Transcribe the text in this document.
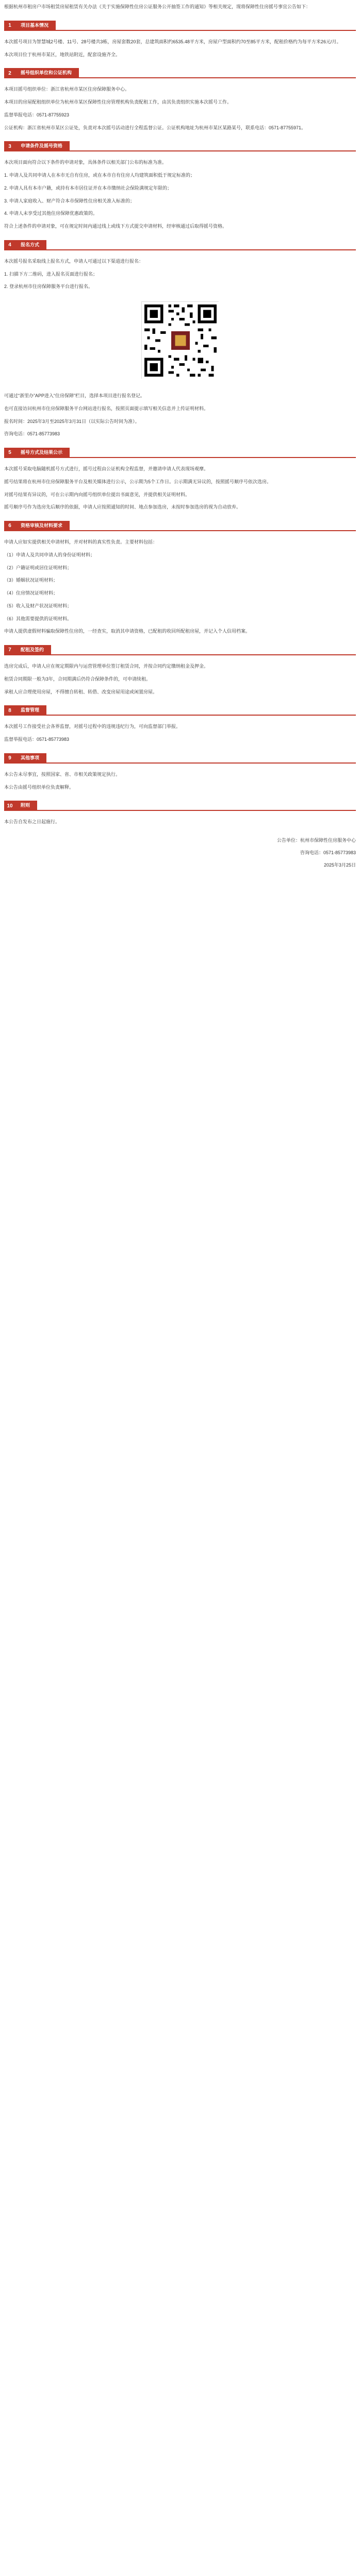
根据杭州市租房户市场租赁房屋租赁有关办法《关于实施保障性住房公证服务公开抽签工作的通知》等相关规定，现将保障性住房摇号事宜公告如下：

1	项目基本情况

本次摇号项目为智慧城2号楼、11号、28号楼共3栋，房屋套数20套，总建筑面积约6535.48平方米，房屋户型面积约70至85平方米，配租价格约为每平方米26元/月。

本次项目位于杭州市某区，地铁站附近，配套设施齐全。

2	摇号组织单位和公证机构

本项目摇号组织单位：浙江省杭州市某区住房保障服务中心。

本项目的房屋配租组织单位为杭州市某区保障性住房管理机构负责配租工作，由其负责组织实施本次摇号工作。

监督举报电话：0571-87755923

公证机构：浙江省杭州市某区公证处，负责对本次摇号活动进行全程监督公证。公证机构地址为杭州市某区某路某号，联系电话：0571-87755971。

3	申请条件及摇号资格

本次项目面向符合以下条件的申请对象，具体条件以相关部门公布的标准为准。

1. 申请人及共同申请人在本市无自有住房，或在本市自有住房人均建筑面积低于规定标准的；

2. 申请人具有本市户籍，或持有本市居住证并在本市缴纳社会保险满规定年限的；

3. 申请人家庭收入、财产符合本市保障性住房相关准入标准的；

4. 申请人未享受过其他住房保障优惠政策的。

符合上述条件的申请对象，可在规定时间内通过线上或线下方式提交申请材料，经审核通过后取得摇号资格。

4	报名方式

本次摇号报名采取线上报名方式，申请人可通过以下渠道进行报名：

1. 扫描下方二维码，进入报名页面进行报名；

2. 登录杭州市住房保障服务平台进行报名。

可通过“浙里办”APP进入“住房保障”栏目，选择本项目进行报名登记。

也可直接访问杭州市住房保障服务平台网站进行报名，按照页面提示填写相关信息并上传证明材料。

报名时间：2025年3月至2025年3月31日（以实际公告时间为准）。

咨询电话：0571-85773983

5	摇号方式及结果公示

本次摇号采取电脑随机摇号方式进行，摇号过程由公证机构全程监督，并邀请申请人代表现场观摩。

摇号结果将在杭州市住房保障服务平台及相关媒体进行公示，公示期为5个工作日。公示期满无异议的，按照摇号顺序号依次选房。

对摇号结果有异议的，可在公示期内向摇号组织单位提出书面意见，并提供相关证明材料。

摇号顺序号作为选房先后顺序的依据，申请人应按照通知的时间、地点参加选房，未按时参加选房的视为自动放弃。

6	资格审核及材料要求

申请人应如实提供相关申请材料，并对材料的真实性负责。主要材料包括：

（1）申请人及共同申请人的身份证明材料；

（2）户籍证明或居住证明材料；

（3）婚姻状况证明材料；

（4）住房情况证明材料；

（5）收入及财产状况证明材料；

（6）其他需要提供的证明材料。

申请人提供虚假材料骗取保障性住房的，一经查实，取消其申请资格，已配租的收回所配租房屋，并记入个人信用档案。

7	配租及签约

选房完成后，申请人应在规定期限内与运营管理单位签订租赁合同，并按合同约定缴纳租金及押金。

租赁合同期限一般为3年，合同期满后仍符合保障条件的，可申请续租。

承租人应合理使用房屋，不得擅自转租、转借、改变房屋用途或闲置房屋。

8	监督管理

本次摇号工作接受社会各界监督，对摇号过程中的违规违纪行为，可向监督部门举报。

监督举报电话：0571-85773983

9	其他事项

本公告未尽事宜，按照国家、省、市相关政策规定执行。

本公告由摇号组织单位负责解释。

10	附则

本公告自发布之日起施行。

公告单位：杭州市保障性住房服务中心

咨询电话：0571-85773983

2025年3月25日
